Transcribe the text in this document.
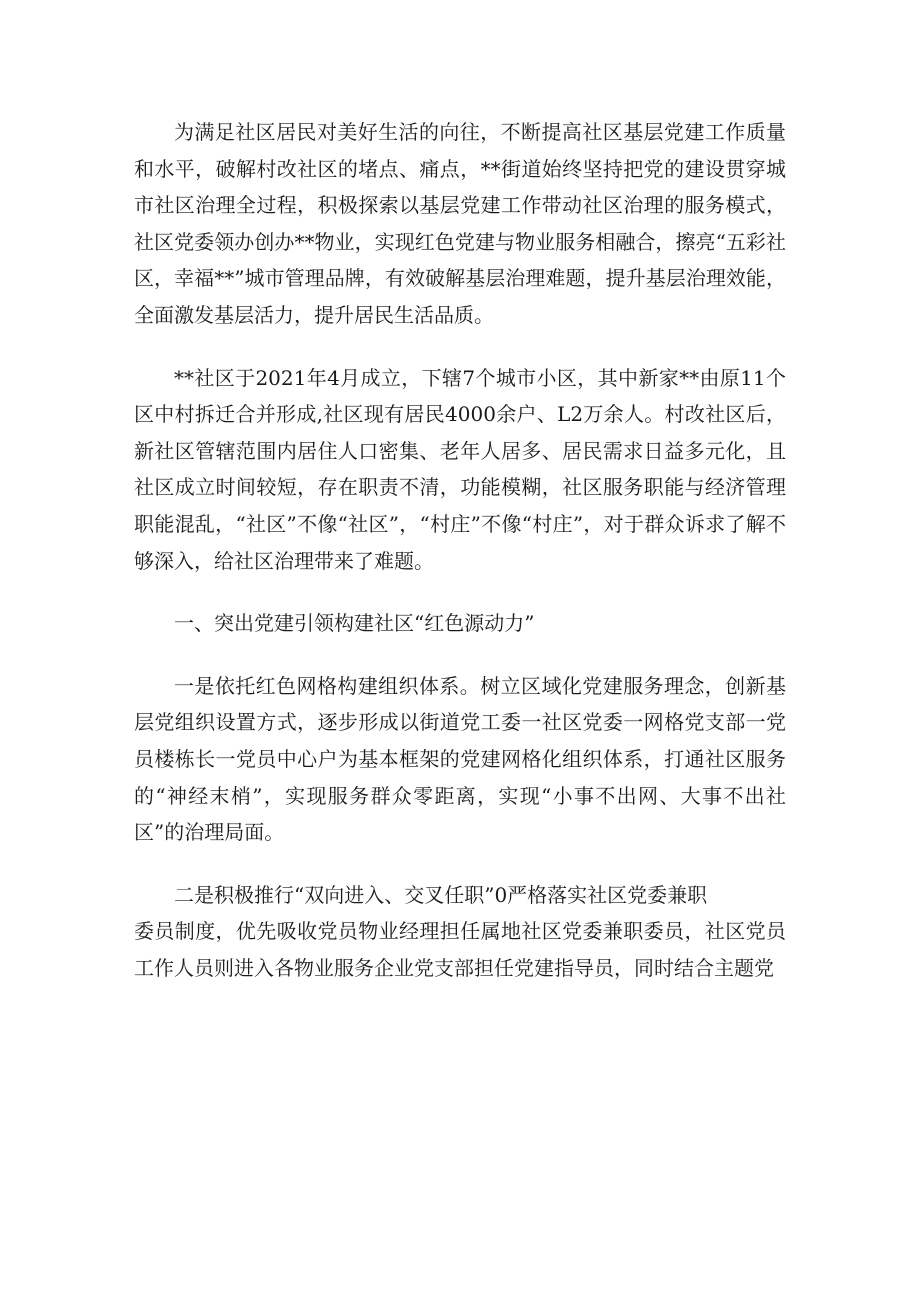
为满足社区居民对美好生活的向往，不断提高社区基层党建工作质量和水平，破解村改社区的堵点、痛点，**街道始终坚持把党的建设贯穿城市社区治理全过程，积极探索以基层党建工作带动社区治理的服务模式，社区党委领办创办**物业，实现红色党建与物业服务相融合，擦亮“五彩社区，幸福**”城市管理品牌，有效破解基层治理难题，提升基层治理效能，全面激发基层活力，提升居民生活品质。

**社区于2021年4月成立，下辖7个城市小区，其中新家**由原11个区中村拆迁合并形成,社区现有居民4000余户、L2万余人。村改社区后，新社区管辖范围内居住人口密集、老年人居多、居民需求日益多元化，且社区成立时间较短，存在职责不清，功能模糊，社区服务职能与经济管理职能混乱，“社区”不像“社区”，“村庄”不像“村庄”，对于群众诉求了解不够深入，给社区治理带来了难题。

一、突出党建引领构建社区“红色源动力”

一是依托红色网格构建组织体系。树立区域化党建服务理念，创新基层党组织设置方式，逐步形成以街道党工委一社区党委一网格党支部一党员楼栋长一党员中心户为基本框架的党建网格化组织体系，打通社区服务的“神经末梢”，实现服务群众零距离，实现“小事不出网、大事不出社区”的治理局面。

二是积极推行“双向进入、交叉任职”0严格落实社区党委兼职

委员制度，优先吸收党员物业经理担任属地社区党委兼职委员，社区党员工作人员则进入各物业服务企业党支部担任党建指导员，同时结合主题党
